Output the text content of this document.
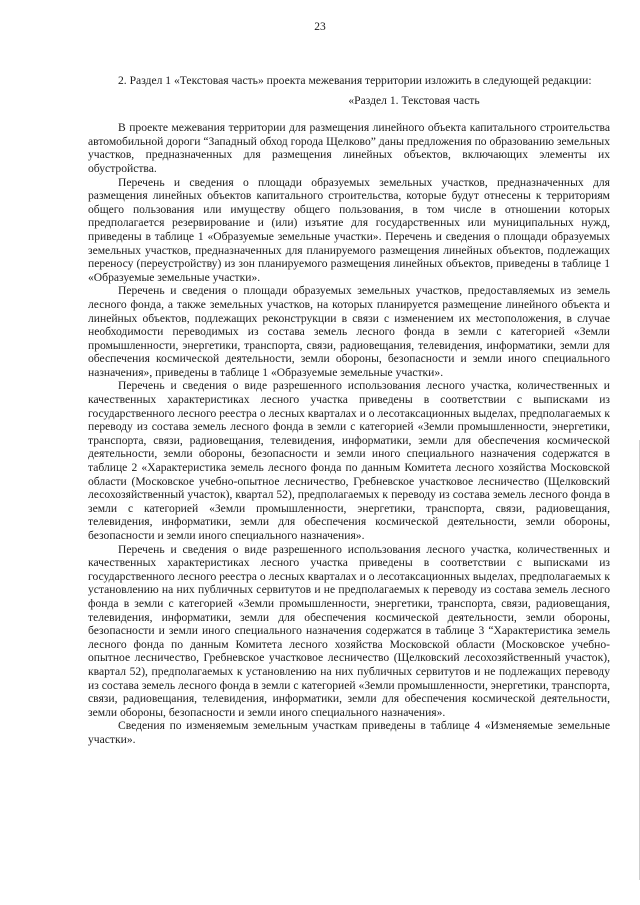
23

2. Раздел 1 «Текстовая часть» проекта межевания территории изложить в следующей редакции:

«Раздел 1. Текстовая часть

В проекте межевания территории для размещения линейного объекта капитального строительства автомобильной дороги “Западный обход города Щелково” даны предложения по образованию земельных участков, предназначенных для размещения линейных объектов, включающих элементы их обустройства.

Перечень и сведения о площади образуемых земельных участков, предназначенных для размещения линейных объектов капитального строительства, которые будут отнесены к территориям общего пользования или имуществу общего пользования, в том числе в отношении которых предполагается резервирование и (или) изъятие для государственных или муниципальных нужд, приведены в таблице 1 «Образуемые земельные участки». Перечень и сведения о площади образуемых земельных участков, предназначенных для планируемого размещения линейных объектов, подлежащих переносу (переустройству) из зон планируемого размещения линейных объектов, приведены в таблице 1 «Образуемые земельные участки».

Перечень и сведения о площади образуемых земельных участков, предоставляемых из земель лесного фонда, а также земельных участков, на которых планируется размещение линейного объекта и линейных объектов, подлежащих реконструкции в связи с изменением их местоположения, в случае необходимости переводимых из состава земель лесного фонда в земли с категорией «Земли промышленности, энергетики, транспорта, связи, радиовещания, телевидения, информатики, земли для обеспечения космической деятельности, земли обороны, безопасности и земли иного специального назначения», приведены в таблице 1 «Образуемые земельные участки».

Перечень и сведения о виде разрешенного использования лесного участка, количественных и качественных характеристиках лесного участка приведены в соответствии с выписками из государственного лесного реестра о лесных кварталах и о лесотаксационных выделах, предполагаемых к переводу из состава земель лесного фонда в земли с категорией «Земли промышленности, энергетики, транспорта, связи, радиовещания, телевидения, информатики, земли для обеспечения космической деятельности, земли обороны, безопасности и земли иного специального назначения содержатся в таблице 2 «Характеристика земель лесного фонда по данным Комитета лесного хозяйства Московской области (Московское учебно-опытное лесничество, Гребневское участковое лесничество (Щелковский лесохозяйственный участок), квартал 52), предполагаемых к переводу из состава земель лесного фонда в земли с категорией «Земли промышленности, энергетики, транспорта, связи, радиовещания, телевидения, информатики, земли для обеспечения космической деятельности, земли обороны, безопасности и земли иного специального назначения».

Перечень и сведения о виде разрешенного использования лесного участка, количественных и качественных характеристиках лесного участка приведены в соответствии с выписками из государственного лесного реестра о лесных кварталах и о лесотаксационных выделах, предполагаемых к установлению на них публичных сервитутов и не предполагаемых к переводу из состава земель лесного фонда в земли с категорией «Земли промышленности, энергетики, транспорта, связи, радиовещания, телевидения, информатики, земли для обеспечения космической деятельности, земли обороны, безопасности и земли иного специального назначения содержатся в таблице 3 “Характеристика земель лесного фонда по данным Комитета лесного хозяйства Московской области (Московское учебно-опытное лесничество, Гребневское участковое лесничество (Щелковский лесохозяйственный участок), квартал 52), предполагаемых к установлению на них публичных сервитутов и не подлежащих переводу из состава земель лесного фонда в земли с категорией «Земли промышленности, энергетики, транспорта, связи, радиовещания, телевидения, информатики, земли для обеспечения космической деятельности, земли обороны, безопасности и земли иного специального назначения».

Сведения по изменяемым земельным участкам приведены в таблице 4 «Изменяемые земельные участки».
